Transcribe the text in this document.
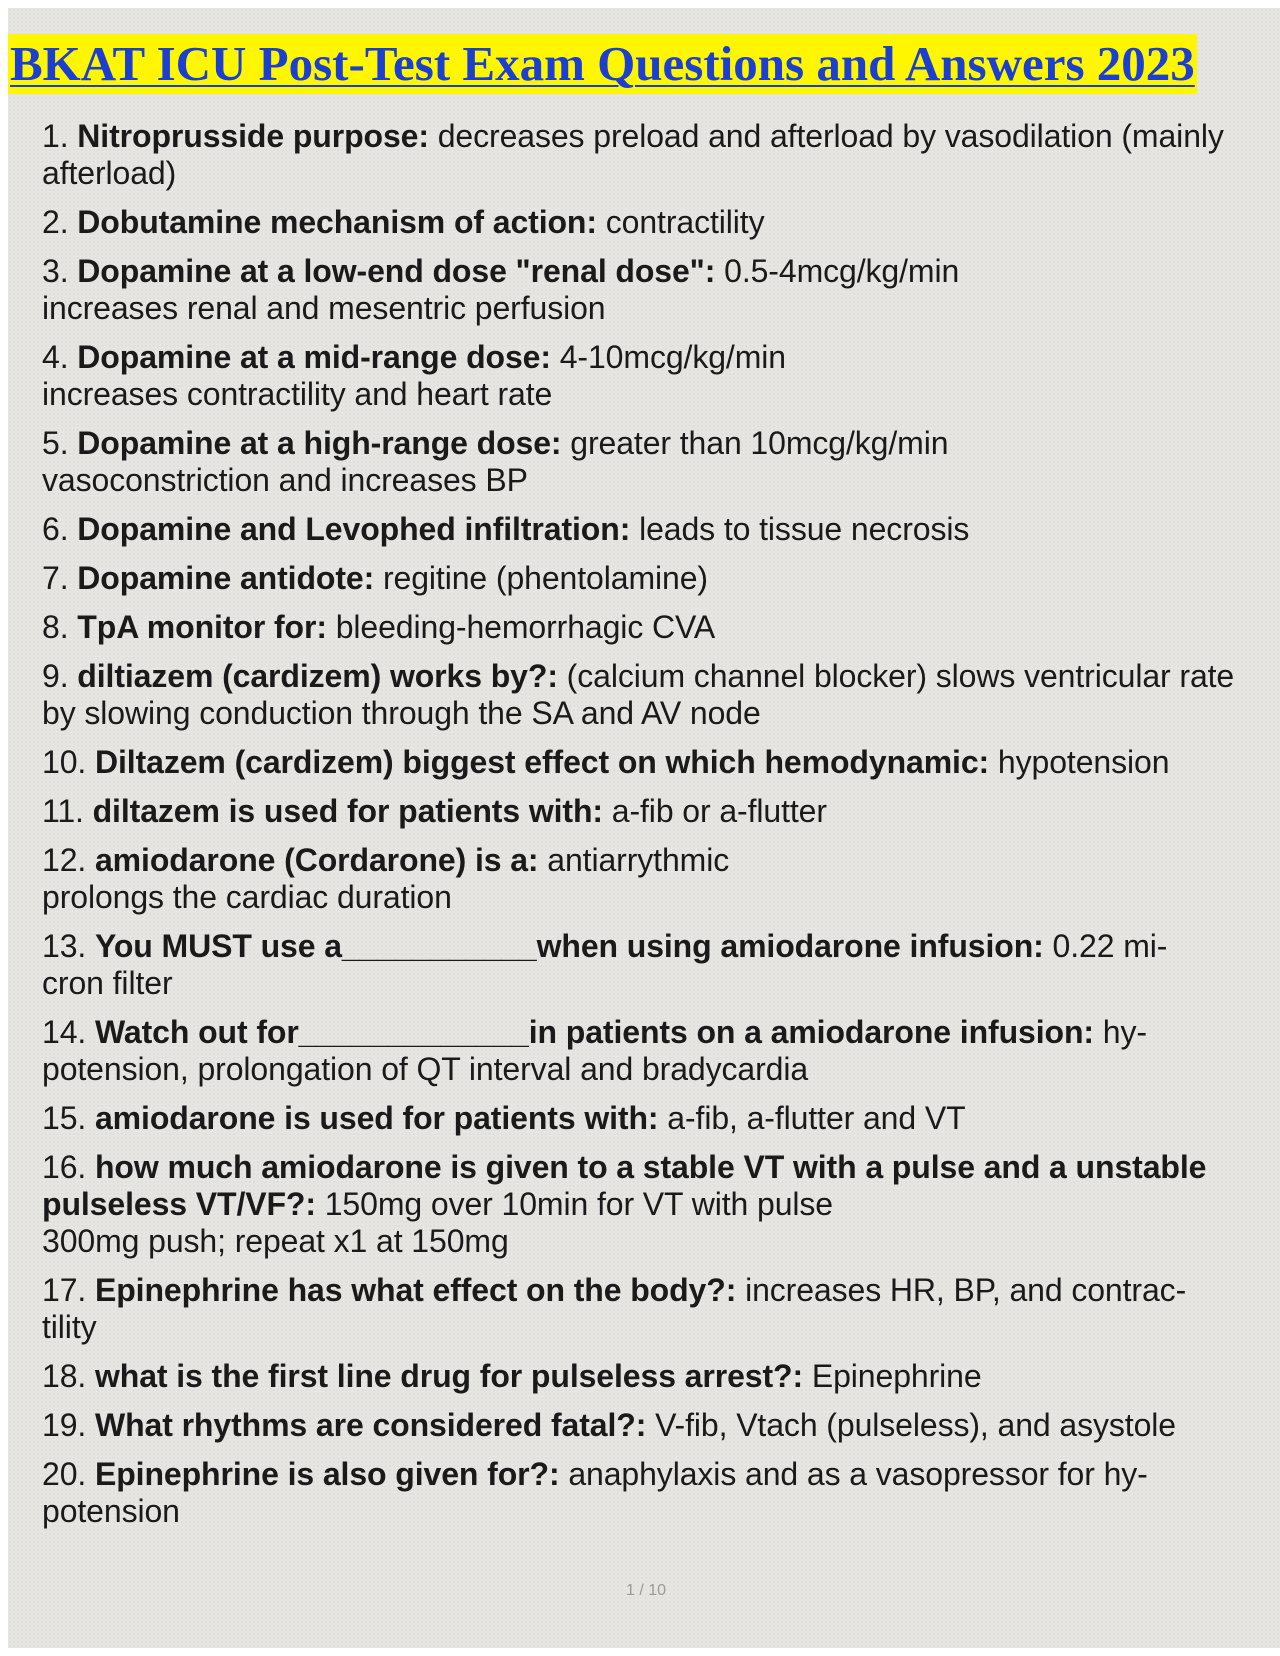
BKAT ICU Post-Test Exam Questions and Answers 2023
1. Nitroprusside purpose: decreases preload and afterload by vasodilation (mainly afterload)
2. Dobutamine mechanism of action: contractility
3. Dopamine at a low-end dose "renal dose": 0.5-4mcg/kg/min
increases renal and mesentric perfusion
4. Dopamine at a mid-range dose: 4-10mcg/kg/min
increases contractility and heart rate
5. Dopamine at a high-range dose: greater than 10mcg/kg/min
vasoconstriction and increases BP
6. Dopamine and Levophed infiltration: leads to tissue necrosis
7. Dopamine antidote: regitine (phentolamine)
8. TpA monitor for: bleeding-hemorrhagic CVA
9. diltiazem (cardizem) works by?: (calcium channel blocker) slows ventricular rate by slowing conduction through the SA and AV node
10. Diltazem (cardizem) biggest effect on which hemodynamic: hypotension
11. diltazem is used for patients with: a-fib or a-flutter
12. amiodarone (Cordarone) is a: antiarrythmic
prolongs the cardiac duration
13. You MUST use a___________when using amiodarone infusion: 0.22 mi-
cron filter
14. Watch out for_____________in patients on a amiodarone infusion: hy-
potension, prolongation of QT interval and bradycardia
15. amiodarone is used for patients with: a-fib, a-flutter and VT
16. how much amiodarone is given to a stable VT with a pulse and a unstable pulseless VT/VF?: 150mg over 10min for VT with pulse
300mg push; repeat x1 at 150mg
17. Epinephrine has what effect on the body?: increases HR, BP, and contrac-
tility
18. what is the first line drug for pulseless arrest?: Epinephrine
19. What rhythms are considered fatal?: V-fib, Vtach (pulseless), and asystole
20. Epinephrine is also given for?: anaphylaxis and as a vasopressor for hy-
potension
1 / 10
